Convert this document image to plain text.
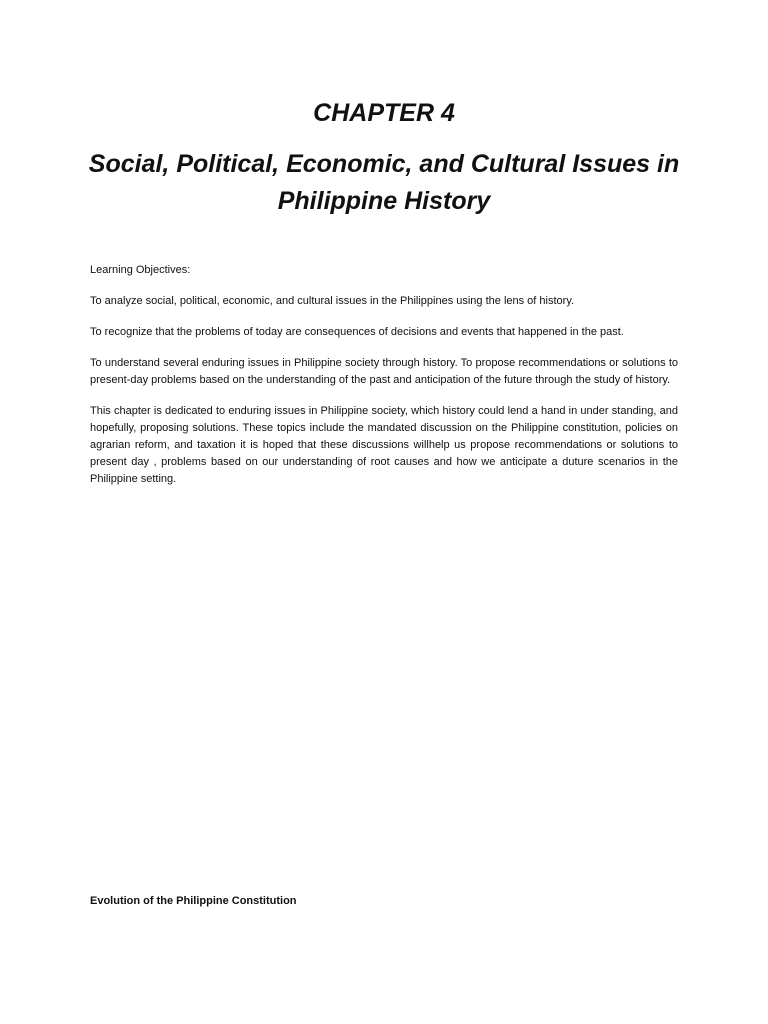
CHAPTER 4
Social, Political, Economic, and Cultural Issues in Philippine History

Learning Objectives:

To analyze social, political, economic, and cultural issues in the Philippines using the lens of history.

To recognize that the problems of today are consequences of decisions and events that happened in the past.

To understand several enduring issues in Philippine society through history. To propose recommendations or solutions to present-day problems based on the understanding of the past and anticipation of the future through the study of history.

This chapter is dedicated to enduring issues in Philippine society, which history could lend a hand in under standing, and hopefully, proposing solutions. These topics include the mandated discussion on the Philippine constitution, policies on agrarian reform, and taxation it is hoped that these discussions willhelp us propose recommendations or solutions to present day , problems based on our understanding of root causes and how we anticipate a duture scenarios in the Philippine setting.

Evolution of the Philippine Constitution
